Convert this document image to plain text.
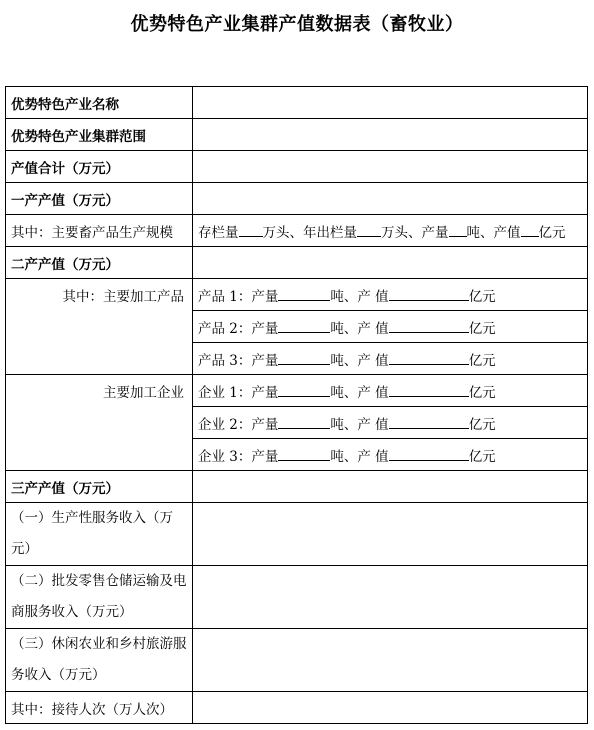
优势特色产业集群产值数据表（畜牧业）
优势特色产业名称	
优势特色产业集群范围	
产值合计（万元）	
一产产值（万元）	
其中：主要畜产品生产规模	存栏量 万头、年出栏量 万头、产量 吨、产值 亿元
二产产值（万元）	
其中：主要加工产品	产品 1：产量 吨、产 值 亿元
	产品 2：产量 吨、产 值 亿元
	产品 3：产量 吨、产 值 亿元
主要加工企业	企业 1：产量 吨、产 值 亿元
	企业 2：产量 吨、产 值 亿元
	企业 3：产量 吨、产 值 亿元
三产产值（万元）	
（一）生产性服务收入（万元）	
（二）批发零售仓储运输及电商服务收入（万元）	
（三）休闲农业和乡村旅游服务收入（万元）	
其中：接待人次（万人次）	
